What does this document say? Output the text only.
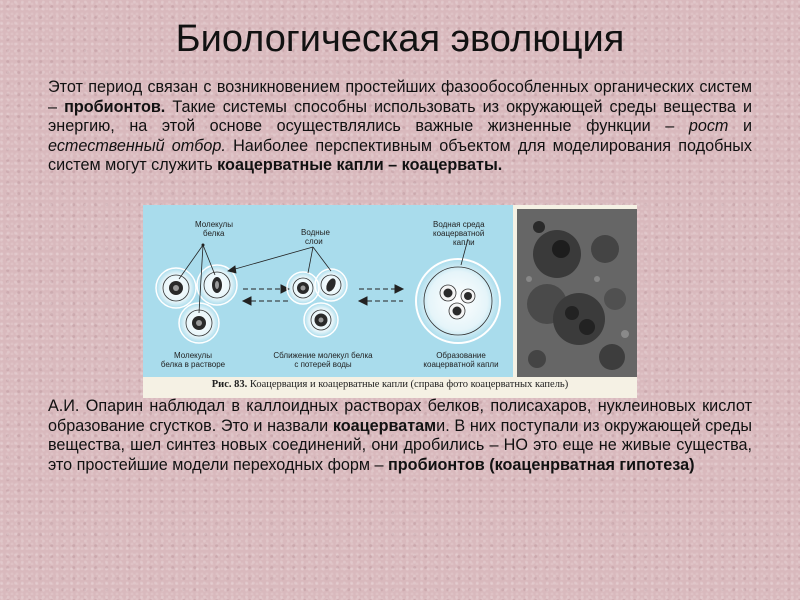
Биологическая эволюция

Этот период связан с возникновением простейших фазообособленных органических систем – пробионтов. Такие системы способны использовать из окружающей среды вещества и энергию, на этой основе осуществлялись важные жизненные функции – рост и естественный отбор. Наиболее перспективным объектом для моделирования подобных систем могут служить коацерватные капли – коацерваты.

Молекулы
белка	Водные
слои
Водная среда
коацерватной
капли
Молекулы
белка в растворе
Сближение молекул белка
с потерей воды
Образование
коацерватной капли
Рис. 83. Коацервация и коацерватные капли (справа фото коацерватных капель)

А.И. Опарин наблюдал в каллоидных растворах белков, полисахаров, нуклеиновых кислот образование сгустков. Это и назвали коацерватами. В них поступали из окружающей среды вещества, шел синтез новых соединений, они дробились – НО это еще не живые существа, это простейшие модели переходных форм – пробионтов (коаценрватная гипотеза)
